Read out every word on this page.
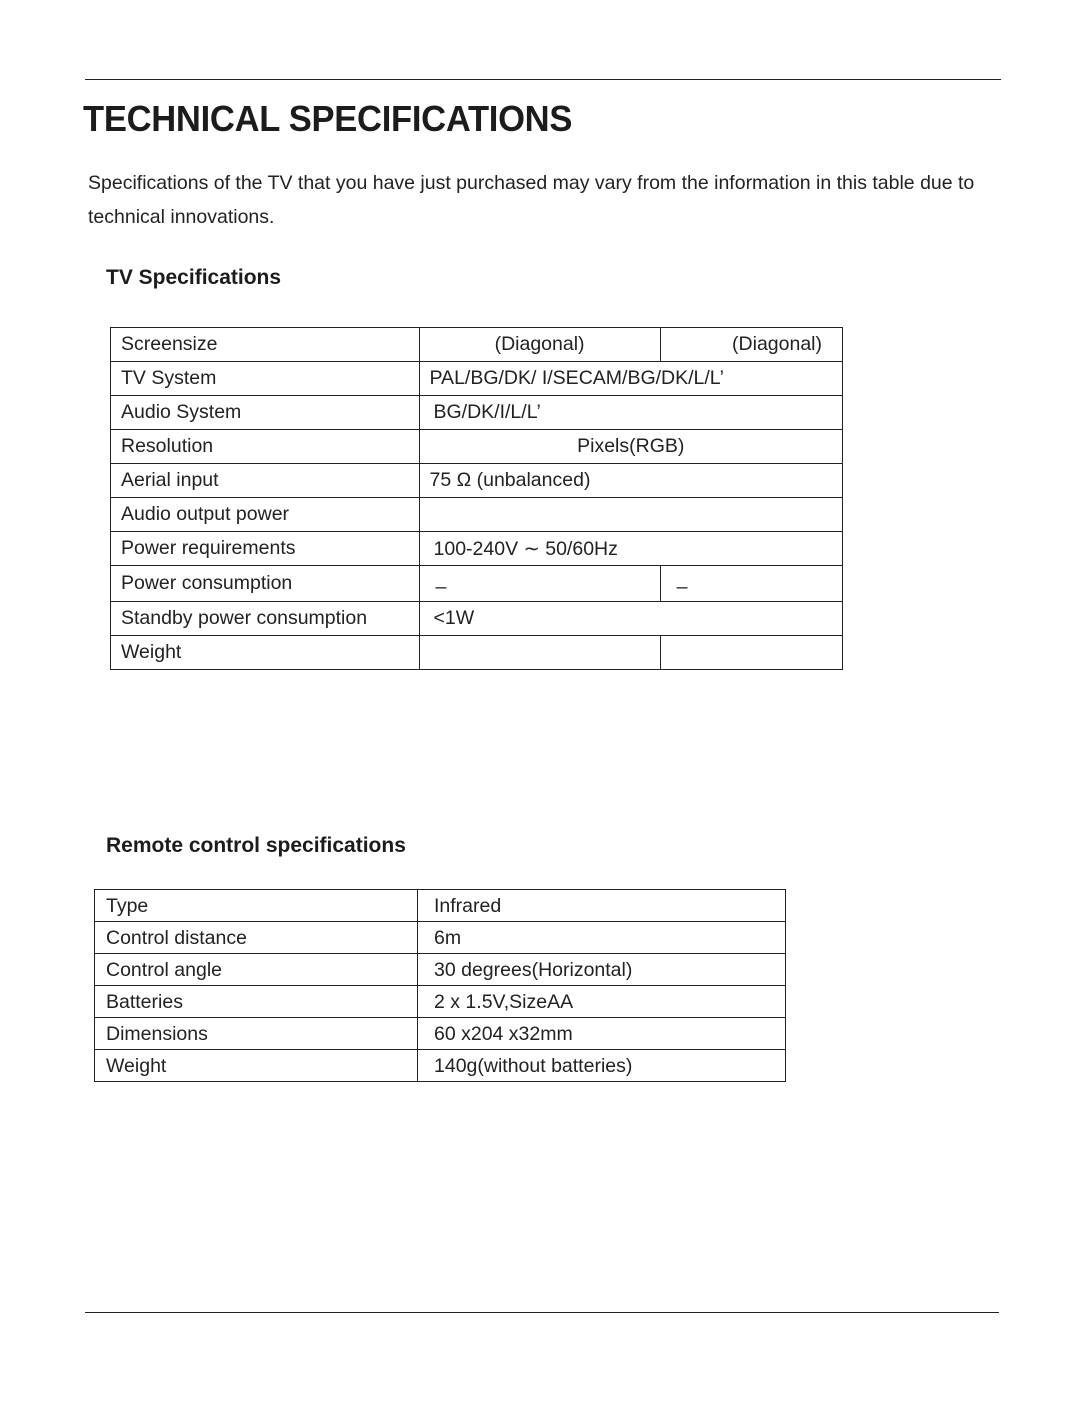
TECHNICAL SPECIFICATIONS
Specifications of the TV that you have just purchased may vary from the information in this table due to technical innovations.
TV Specifications
Screensize	(Diagonal)	(Diagonal)
TV System	PAL/BG/DK/ I/SECAM/BG/DK/L/L’	
Audio System	BG/DK/I/L/L’	
Resolution	Pixels(RGB)	
Aerial input	75 Ω (unbalanced)	
Audio output power		
Power requirements	100-240V ∼ 50/60Hz	
Power consumption	–	–
Standby power consumption	<1W	
Weight		
Remote control specifications
Type	Infrared
Control distance	6m
Control angle	30 degrees(Horizontal)
Batteries	2 x 1.5V,SizeAA
Dimensions	60 x204 x32mm
Weight	140g(without batteries)
